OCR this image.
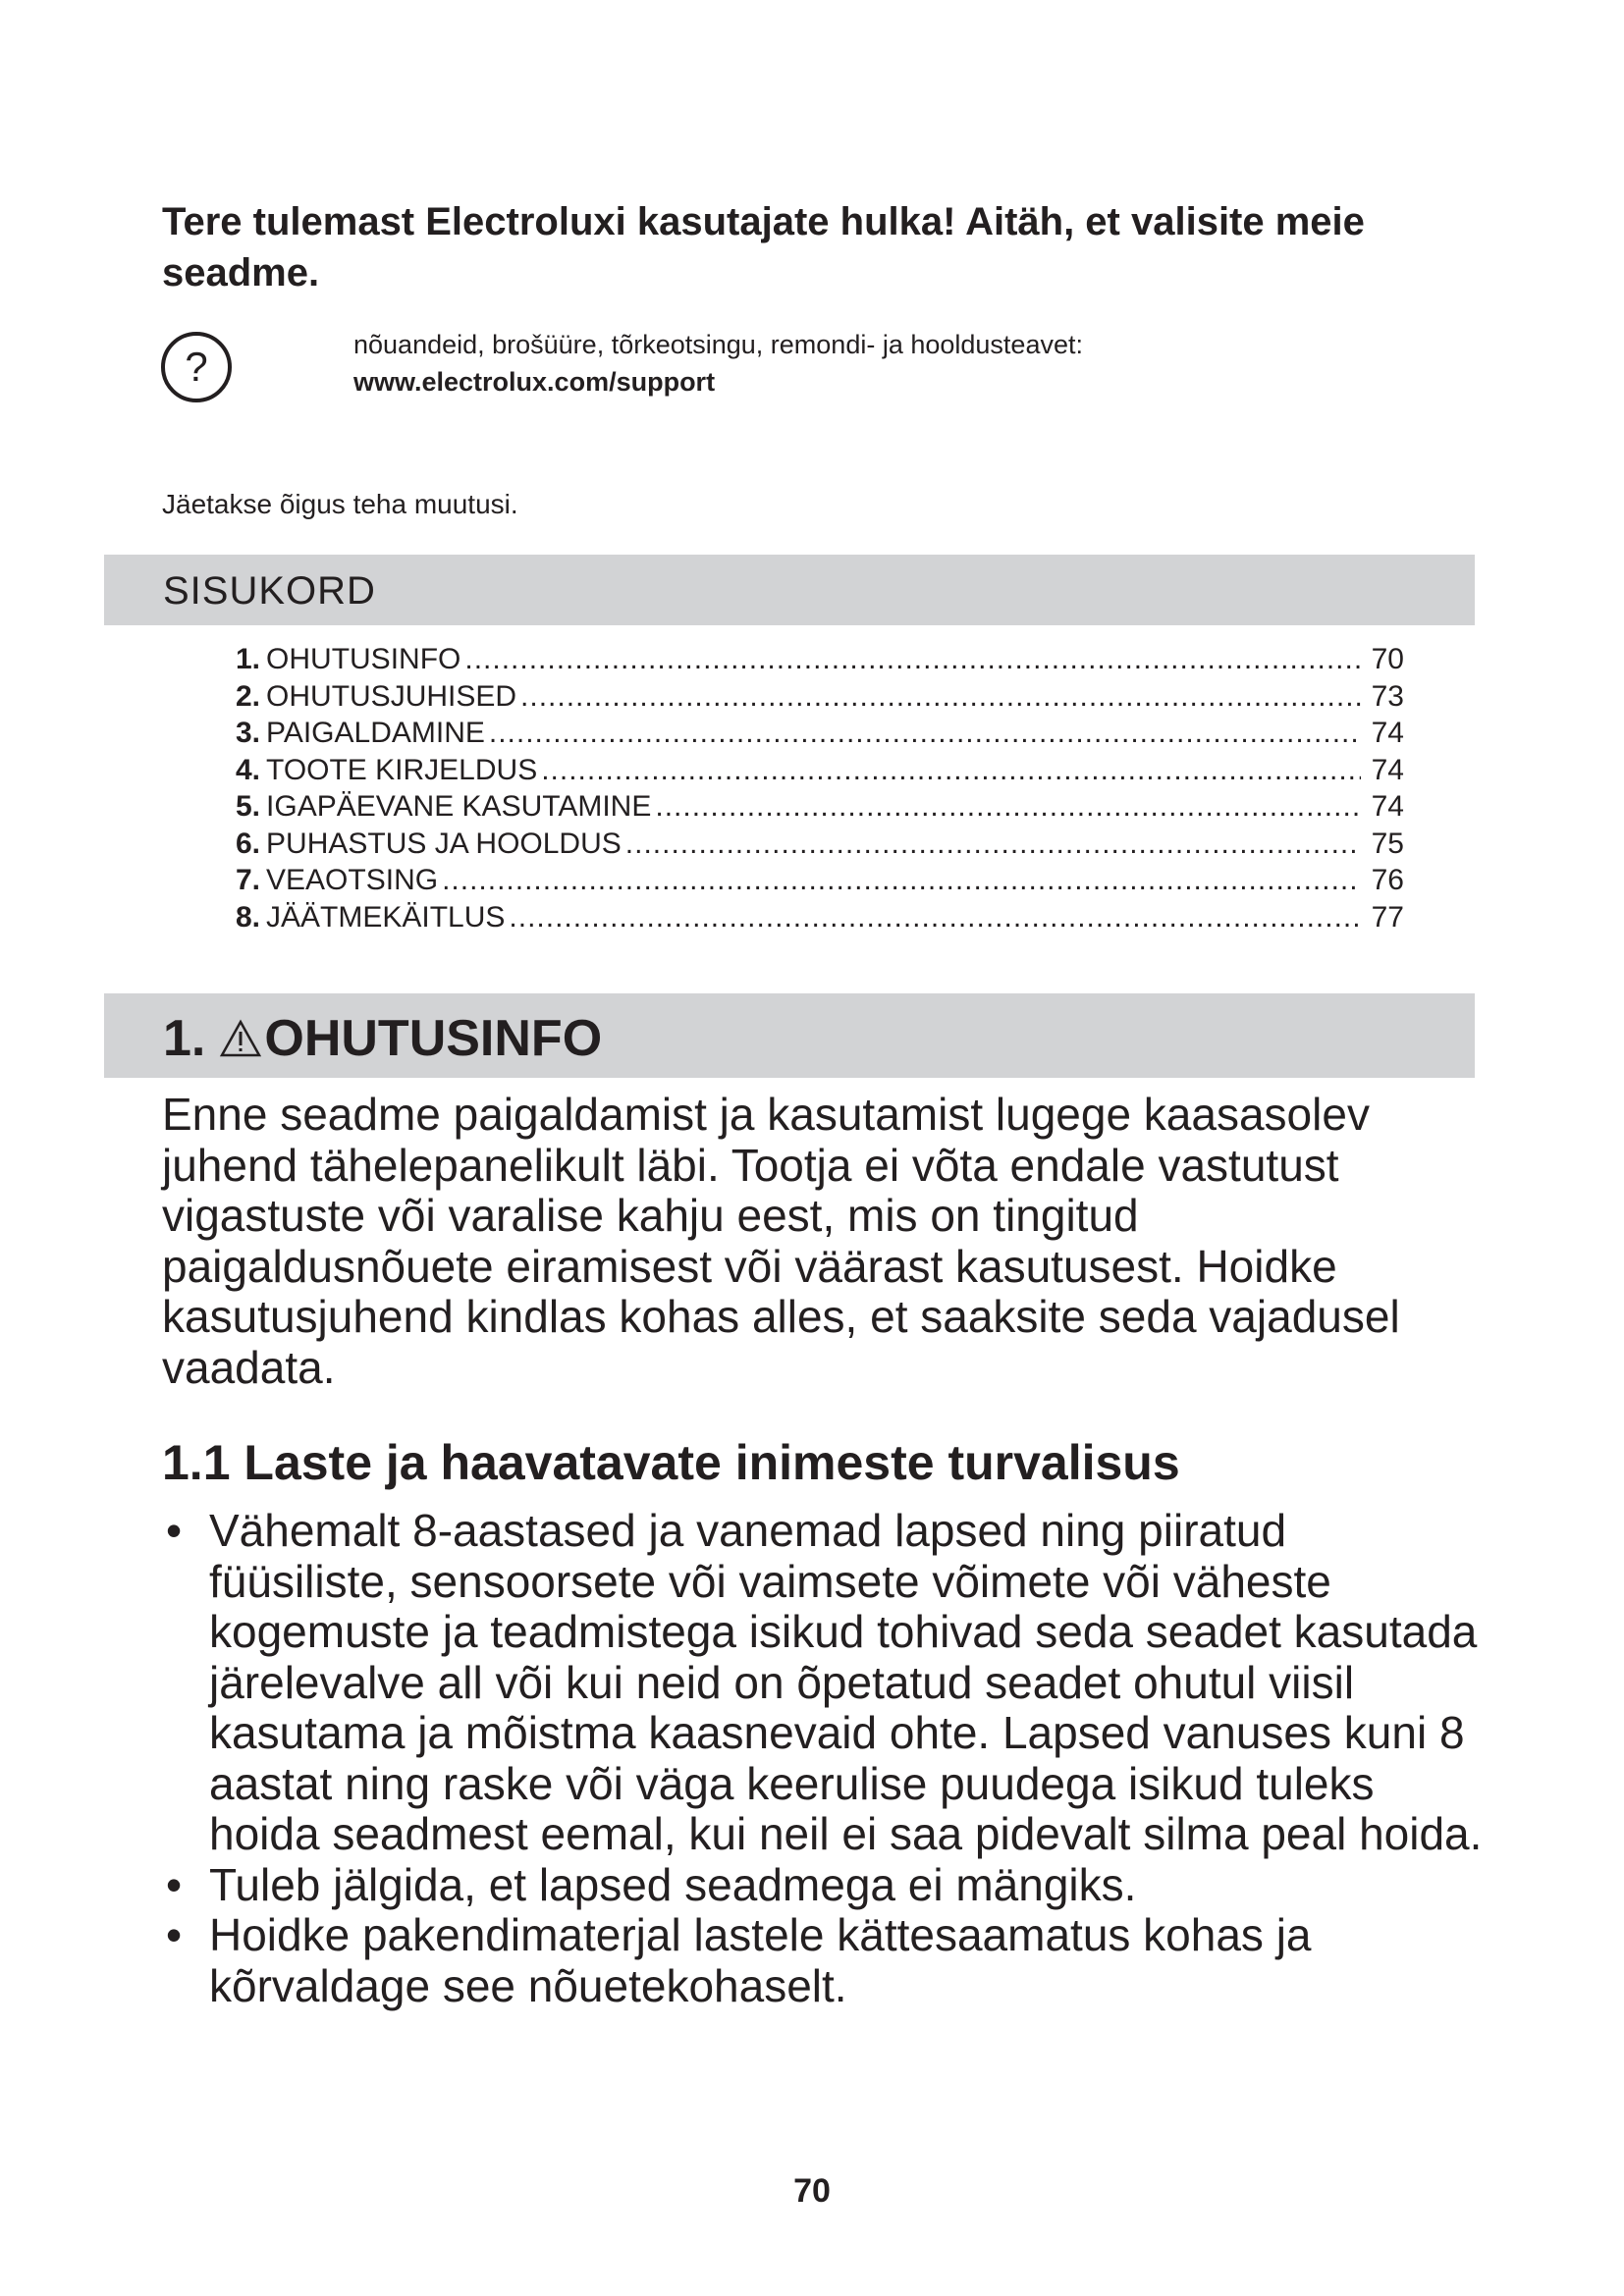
Tere tulemast Electroluxi kasutajate hulka! Aitäh, et valisite meie seadme.
?	nõuandeid, brošüüre, tõrkeotsingu, remondi- ja hooldusteavet:
www.electrolux.com/support
Jäetakse õigus teha muutusi.
SISUKORD
1. OHUTUSINFO .....	70
2. OHUTUSJUHISED .....	73
3. PAIGALDAMINE .....	74
4. TOOTE KIRJELDUS .....	74
5. IGAPÄEVANE KASUTAMINE .....	74
6. PUHASTUS JA HOOLDUS .....	75
7. VEAOTSING .....	76
8. JÄÄTMEKÄITLUS .....	77
1. OHUTUSINFO
Enne seadme paigaldamist ja kasutamist lugege kaasasolev juhend tähelepanelikult läbi. Tootja ei võta endale vastutust vigastuste või varalise kahju eest, mis on tingitud paigaldusnõuete eiramisest või väärast kasutusest. Hoidke kasutusjuhend kindlas kohas alles, et saaksite seda vajadusel vaadata.
1.1 Laste ja haavatavate inimeste turvalisus
• Vähemalt 8-aastased ja vanemad lapsed ning piiratud füüsiliste, sensoorsete või vaimsete võimete või väheste kogemuste ja teadmistega isikud tohivad seda seadet kasutada järelevalve all või kui neid on õpetatud seadet ohutul viisil kasutama ja mõistma kaasnevaid ohte. Lapsed vanuses kuni 8 aastat ning raske või väga keerulise puudega isikud tuleks hoida seadmest eemal, kui neil ei saa pidevalt silma peal hoida.
• Tuleb jälgida, et lapsed seadmega ei mängiks.
• Hoidke pakendimaterjal lastele kättesaamatus kohas ja kõrvaldage see nõuetekohaselt.
70
